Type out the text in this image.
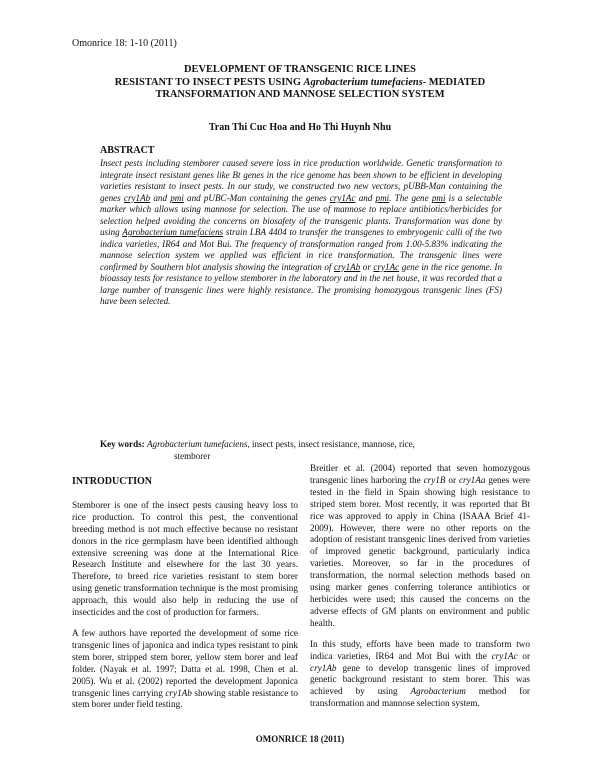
Omonrice 18: 1-10 (2011)
DEVELOPMENT OF TRANSGENIC RICE LINES
RESISTANT TO INSECT PESTS USING Agrobacterium tumefaciens- MEDIATED
TRANSFORMATION AND MANNOSE SELECTION SYSTEM
Tran Thi Cuc Hoa and Ho Thi Huynh Nhu
ABSTRACT
Insect pests including stemborer caused severe loss in rice production worldwide. Genetic transformation to integrate insect resistant genes like Bt genes in the rice genome has been shown to be efficient in developing varieties resistant to insect pests. In our study, we constructed two new vectors, pUBB-Man containing the genes cry1Ab and pmi and pUBC-Man containing the genes cry1Ac and pmi. The gene pmi is a selectable marker which allows using mannose for selection. The use of mannose to replace antibiotics/herbicides for selection helped avoiding the concerns on biosafety of the transgenic plants. Transformation was done by using Agrobacterium tumefaciens strain LBA 4404 to transfer the transgenes to embryogenic calli of the two indica varieties, IR64 and Mot Bui. The frequency of transformation ranged from 1.00-5.83% indicating the mannose selection system we applied was efficient in rice transformation. The transgenic lines were confirmed by Southern blot analysis showing the integration of cry1Ab or cry1Ac gene in the rice genome. In bioassay tests for resistance to yellow stemborer in the laboratory and in the net house, it was recorded that a large number of transgenic lines were highly resistance. The promising homozygous transgenic lines (FS) have been selected.
Key words: Agrobacterium tumefaciens, insect pests, insect resistance, mannose, rice,
stemborer
INTRODUCTION

Stemborer is one of the insect pests causing heavy loss to rice production. To control this pest, the conventional breeding method is not much effective because no resistant donors in the rice germplasm have been identified although extensive screening was done at the International Rice Research Institute and elsewhere for the last 30 years. Therefore, to breed rice varieties resistant to stem borer using genetic transformation technique is the most promising approach, this would also help in reducing the use of insecticides and the cost of production for farmers.

A few authors have reported the development of some rice transgenic lines of japonica and indica types resistant to pink stem borer, stripped stem borer, yellow stem borer and leaf folder. (Nayak et al. 1997; Datta et al. 1998, Chen et al. 2005). Wu et al. (2002) reported the development Japonica transgenic lines carrying cry1Ab showing stable resistance to stem borer under field testing.

Breitler et al. (2004) reported that seven homozygous transgenic lines harboring the cry1B or cry1Aa genes were tested in the field in Spain showing high resistance to striped stem borer. Most recently, it was reported that Bt rice was approved to apply in China (ISAAA Brief 41-2009). However, there were no other reports on the adoption of resistant transgenic lines derived from varieties of improved genetic background, particularly indica varieties. Moreover, so far in the procedures of transformation, the normal selection methods based on using marker genes conferring tolerance antibiotics or herbicides were used; this caused the concerns on the adverse effects of GM plants on environment and public health.

In this study, efforts have been made to transform two indica varieties, IR64 and Mot Bui with the cry1Ac or cry1Ab gene to develop transgenic lines of improved genetic background resistant to stem borer. This was achieved by using Agrobacterium method for transformation and mannose selection system.

OMONRICE 18 (2011)
